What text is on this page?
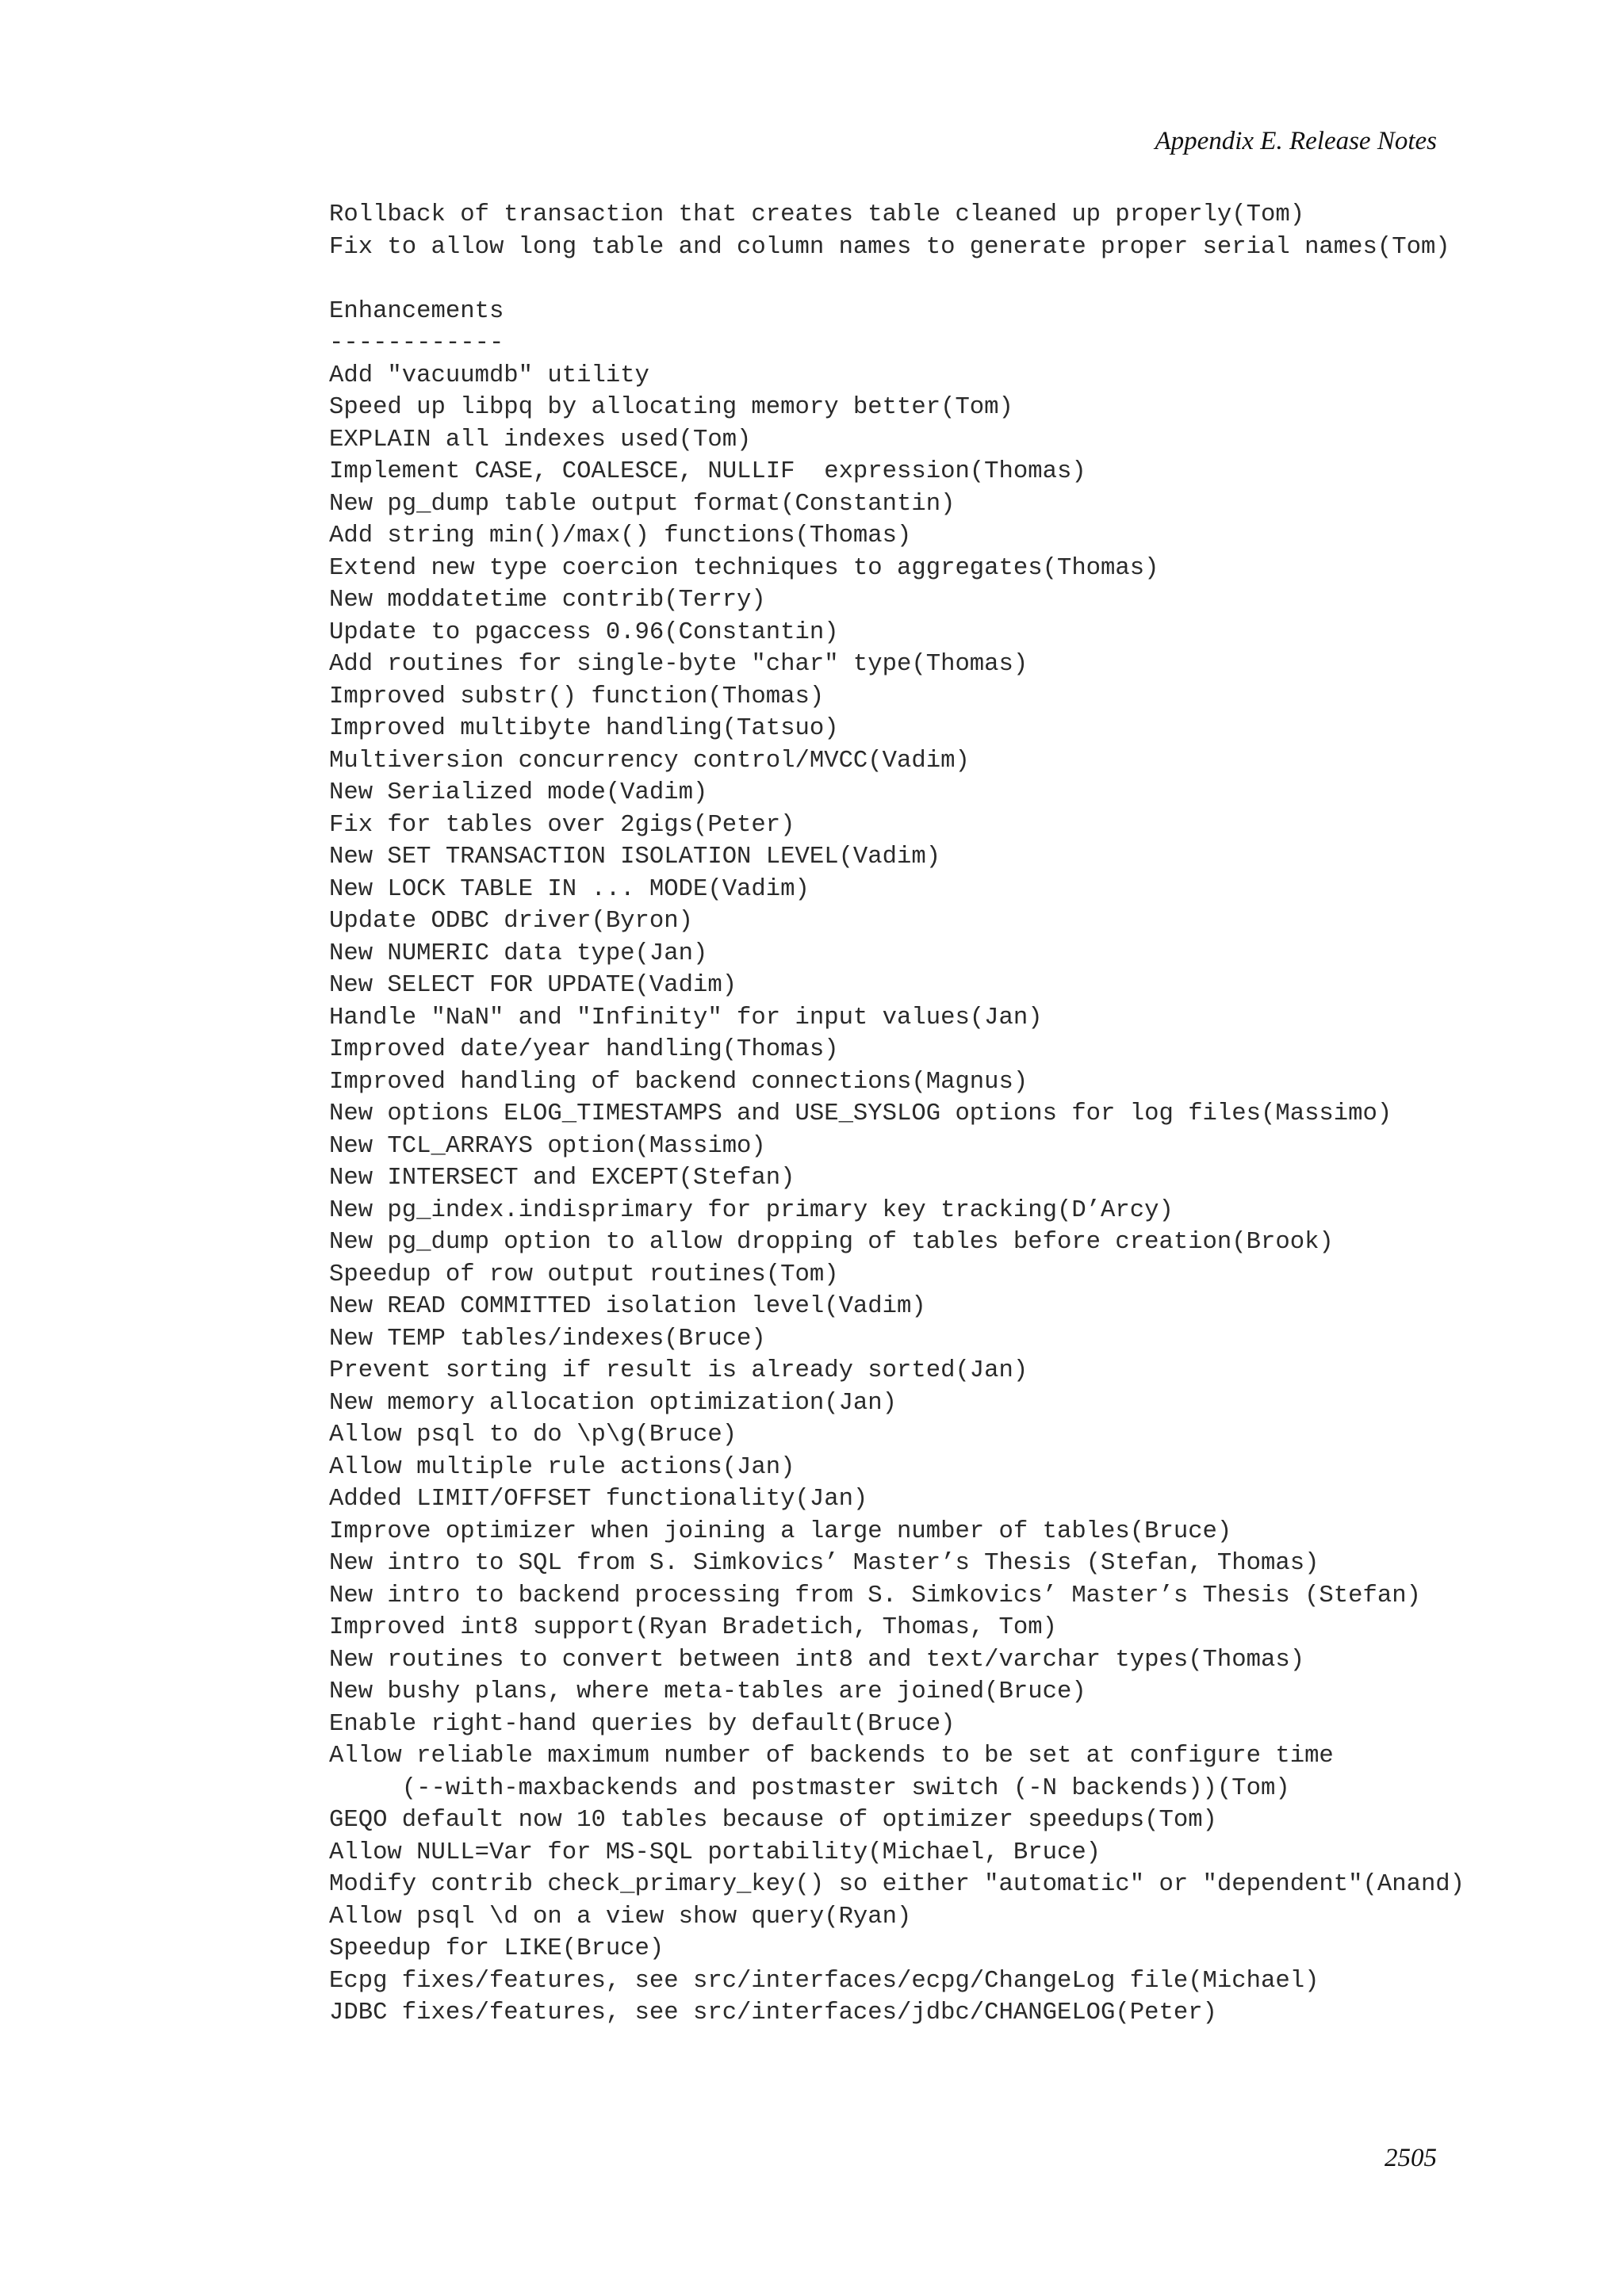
Appendix E. Release Notes
Rollback of transaction that creates table cleaned up properly(Tom)
Fix to allow long table and column names to generate proper serial names(Tom)
Enhancements
------------
Add "vacuumdb" utility
Speed up libpq by allocating memory better(Tom)
EXPLAIN all indexes used(Tom)
Implement CASE, COALESCE, NULLIF  expression(Thomas)
New pg_dump table output format(Constantin)
Add string min()/max() functions(Thomas)
Extend new type coercion techniques to aggregates(Thomas)
New moddatetime contrib(Terry)
Update to pgaccess 0.96(Constantin)
Add routines for single-byte "char" type(Thomas)
Improved substr() function(Thomas)
Improved multibyte handling(Tatsuo)
Multiversion concurrency control/MVCC(Vadim)
New Serialized mode(Vadim)
Fix for tables over 2gigs(Peter)
New SET TRANSACTION ISOLATION LEVEL(Vadim)
New LOCK TABLE IN ... MODE(Vadim)
Update ODBC driver(Byron)
New NUMERIC data type(Jan)
New SELECT FOR UPDATE(Vadim)
Handle "NaN" and "Infinity" for input values(Jan)
Improved date/year handling(Thomas)
Improved handling of backend connections(Magnus)
New options ELOG_TIMESTAMPS and USE_SYSLOG options for log files(Massimo)
New TCL_ARRAYS option(Massimo)
New INTERSECT and EXCEPT(Stefan)
New pg_index.indisprimary for primary key tracking(D’Arcy)
New pg_dump option to allow dropping of tables before creation(Brook)
Speedup of row output routines(Tom)
New READ COMMITTED isolation level(Vadim)
New TEMP tables/indexes(Bruce)
Prevent sorting if result is already sorted(Jan)
New memory allocation optimization(Jan)
Allow psql to do \p\g(Bruce)
Allow multiple rule actions(Jan)
Added LIMIT/OFFSET functionality(Jan)
Improve optimizer when joining a large number of tables(Bruce)
New intro to SQL from S. Simkovics’ Master’s Thesis (Stefan, Thomas)
New intro to backend processing from S. Simkovics’ Master’s Thesis (Stefan)
Improved int8 support(Ryan Bradetich, Thomas, Tom)
New routines to convert between int8 and text/varchar types(Thomas)
New bushy plans, where meta-tables are joined(Bruce)
Enable right-hand queries by default(Bruce)
Allow reliable maximum number of backends to be set at configure time
(--with-maxbackends and postmaster switch (-N backends))(Tom)
GEQO default now 10 tables because of optimizer speedups(Tom)
Allow NULL=Var for MS-SQL portability(Michael, Bruce)
Modify contrib check_primary_key() so either "automatic" or "dependent"(Anand)
Allow psql \d on a view show query(Ryan)
Speedup for LIKE(Bruce)
Ecpg fixes/features, see src/interfaces/ecpg/ChangeLog file(Michael)
JDBC fixes/features, see src/interfaces/jdbc/CHANGELOG(Peter)
2505
